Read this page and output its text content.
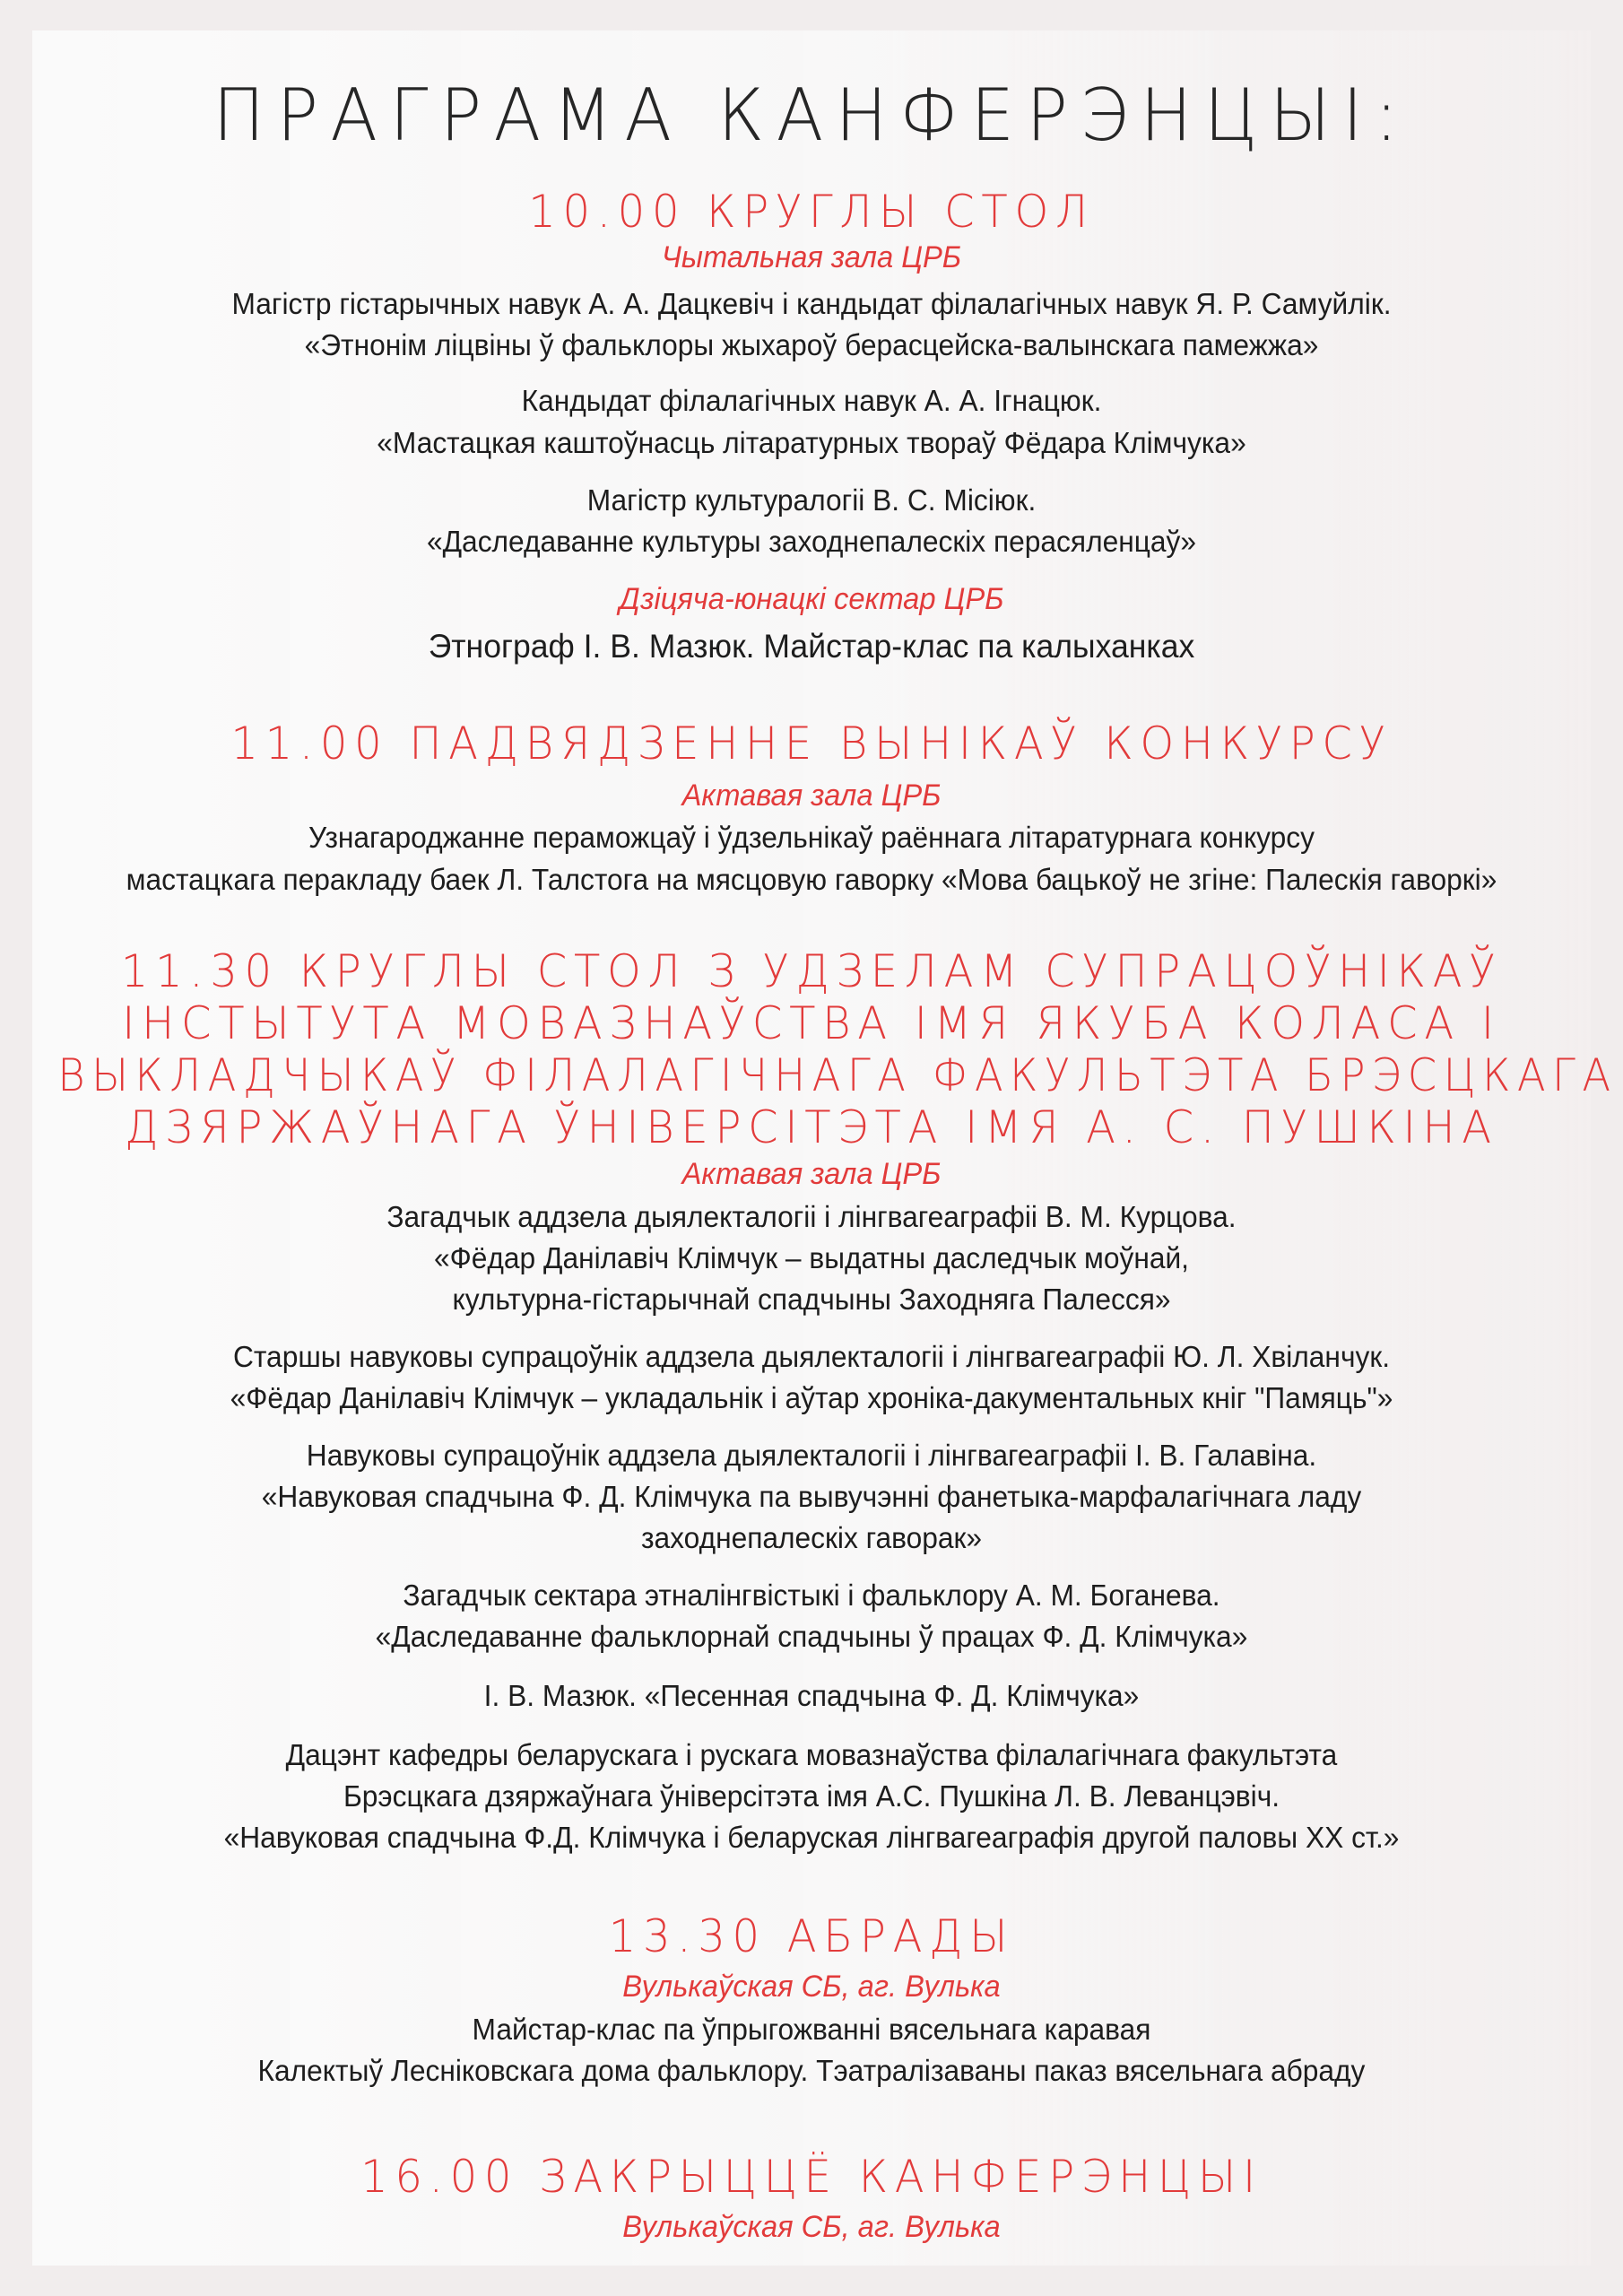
ПРАГРАМА КАНФЕРЭНЦЫІ:
10.00 КРУГЛЫ СТОЛ
Чытальная зала ЦРБ
Магістр гістарычных навук А. А. Дацкевіч і кандыдат філалагічных навук Я. Р. Самуйлік.
«Этнонім ліцвіны ў фальклоры жыхароў берасцейска-валынскага памежжа»
Кандыдат філалагічных навук А. А. Ігнацюк.
«Мастацкая каштоўнасць літаратурных твораў Фёдара Клімчука»
Магістр культуралогіі В. С. Місіюк.
«Даследаванне культуры заходнепалескіх перасяленцаў»
Дзіцяча-юнацкі сектар ЦРБ
Этнограф І. В. Мазюк. Майстар-клас па калыханках
11.00 ПАДВЯДЗЕННЕ ВЫНІКАЎ КОНКУРСУ
Актавая зала ЦРБ
Узнагароджанне пераможцаў і ўдзельнікаў раённага літаратурнага конкурсу
мастацкага перакладу баек Л. Талстога на мясцовую гаворку «Мова бацькоў не згіне: Палескія гаворкі»
11.30 КРУГЛЫ СТОЛ З УДЗЕЛАМ СУПРАЦОЎНІКАЎ
ІНСТЫТУТА МОВАЗНАЎСТВА ІМЯ ЯКУБА КОЛАСА І
ВЫКЛАДЧЫКАЎ ФІЛАЛАГІЧНАГА ФАКУЛЬТЭТА БРЭСЦКАГА
ДЗЯРЖАЎНАГА ЎНІВЕРСІТЭТА ІМЯ А. С. ПУШКІНА
Актавая зала ЦРБ
Загадчык аддзела дыялекталогіі і лінгвагеаграфіі В. М. Курцова.
«Фёдар Данілавіч Клімчук – выдатны даследчык моўнай,
культурна-гістарычнай спадчыны Заходняга Палесся»
Старшы навуковы супрацоўнік аддзела дыялекталогіі і лінгвагеаграфіі Ю. Л. Хвіланчук.
«Фёдар Данілавіч Клімчук – укладальнік і аўтар хроніка-дакументальных кніг "Памяць"»
Навуковы супрацоўнік аддзела дыялекталогіі і лінгвагеаграфіі І. В. Галавіна.
«Навуковая спадчына Ф. Д. Клімчука па вывучэнні фанетыка-марфалагічнага ладу
заходнепалескіх гаворак»
Загадчык сектара этналінгвістыкі і фальклору А. М. Боганева.
«Даследаванне фальклорнай спадчыны ў працах Ф. Д. Клімчука»
І. В. Мазюк. «Песенная спадчына Ф. Д. Клімчука»
Дацэнт кафедры беларускага і рускага мовазнаўства філалагічнага факультэта
Брэсцкага дзяржаўнага ўніверсітэта імя А.С. Пушкіна Л. В. Леванцэвіч.
«Навуковая спадчына Ф.Д. Клімчука і беларуская лінгвагеаграфія другой паловы XX ст.»
13.30 АБРАДЫ
Вулькаўская СБ, аг. Вулька
Майстар-клас па ўпрыгожванні вясельнага каравая
Калектыў Лесніковскага дома фальклору. Тэатралізаваны паказ вясельнага абраду
16.00 ЗАКРЫЦЦЁ КАНФЕРЭНЦЫІ
Вулькаўская СБ, аг. Вулька
